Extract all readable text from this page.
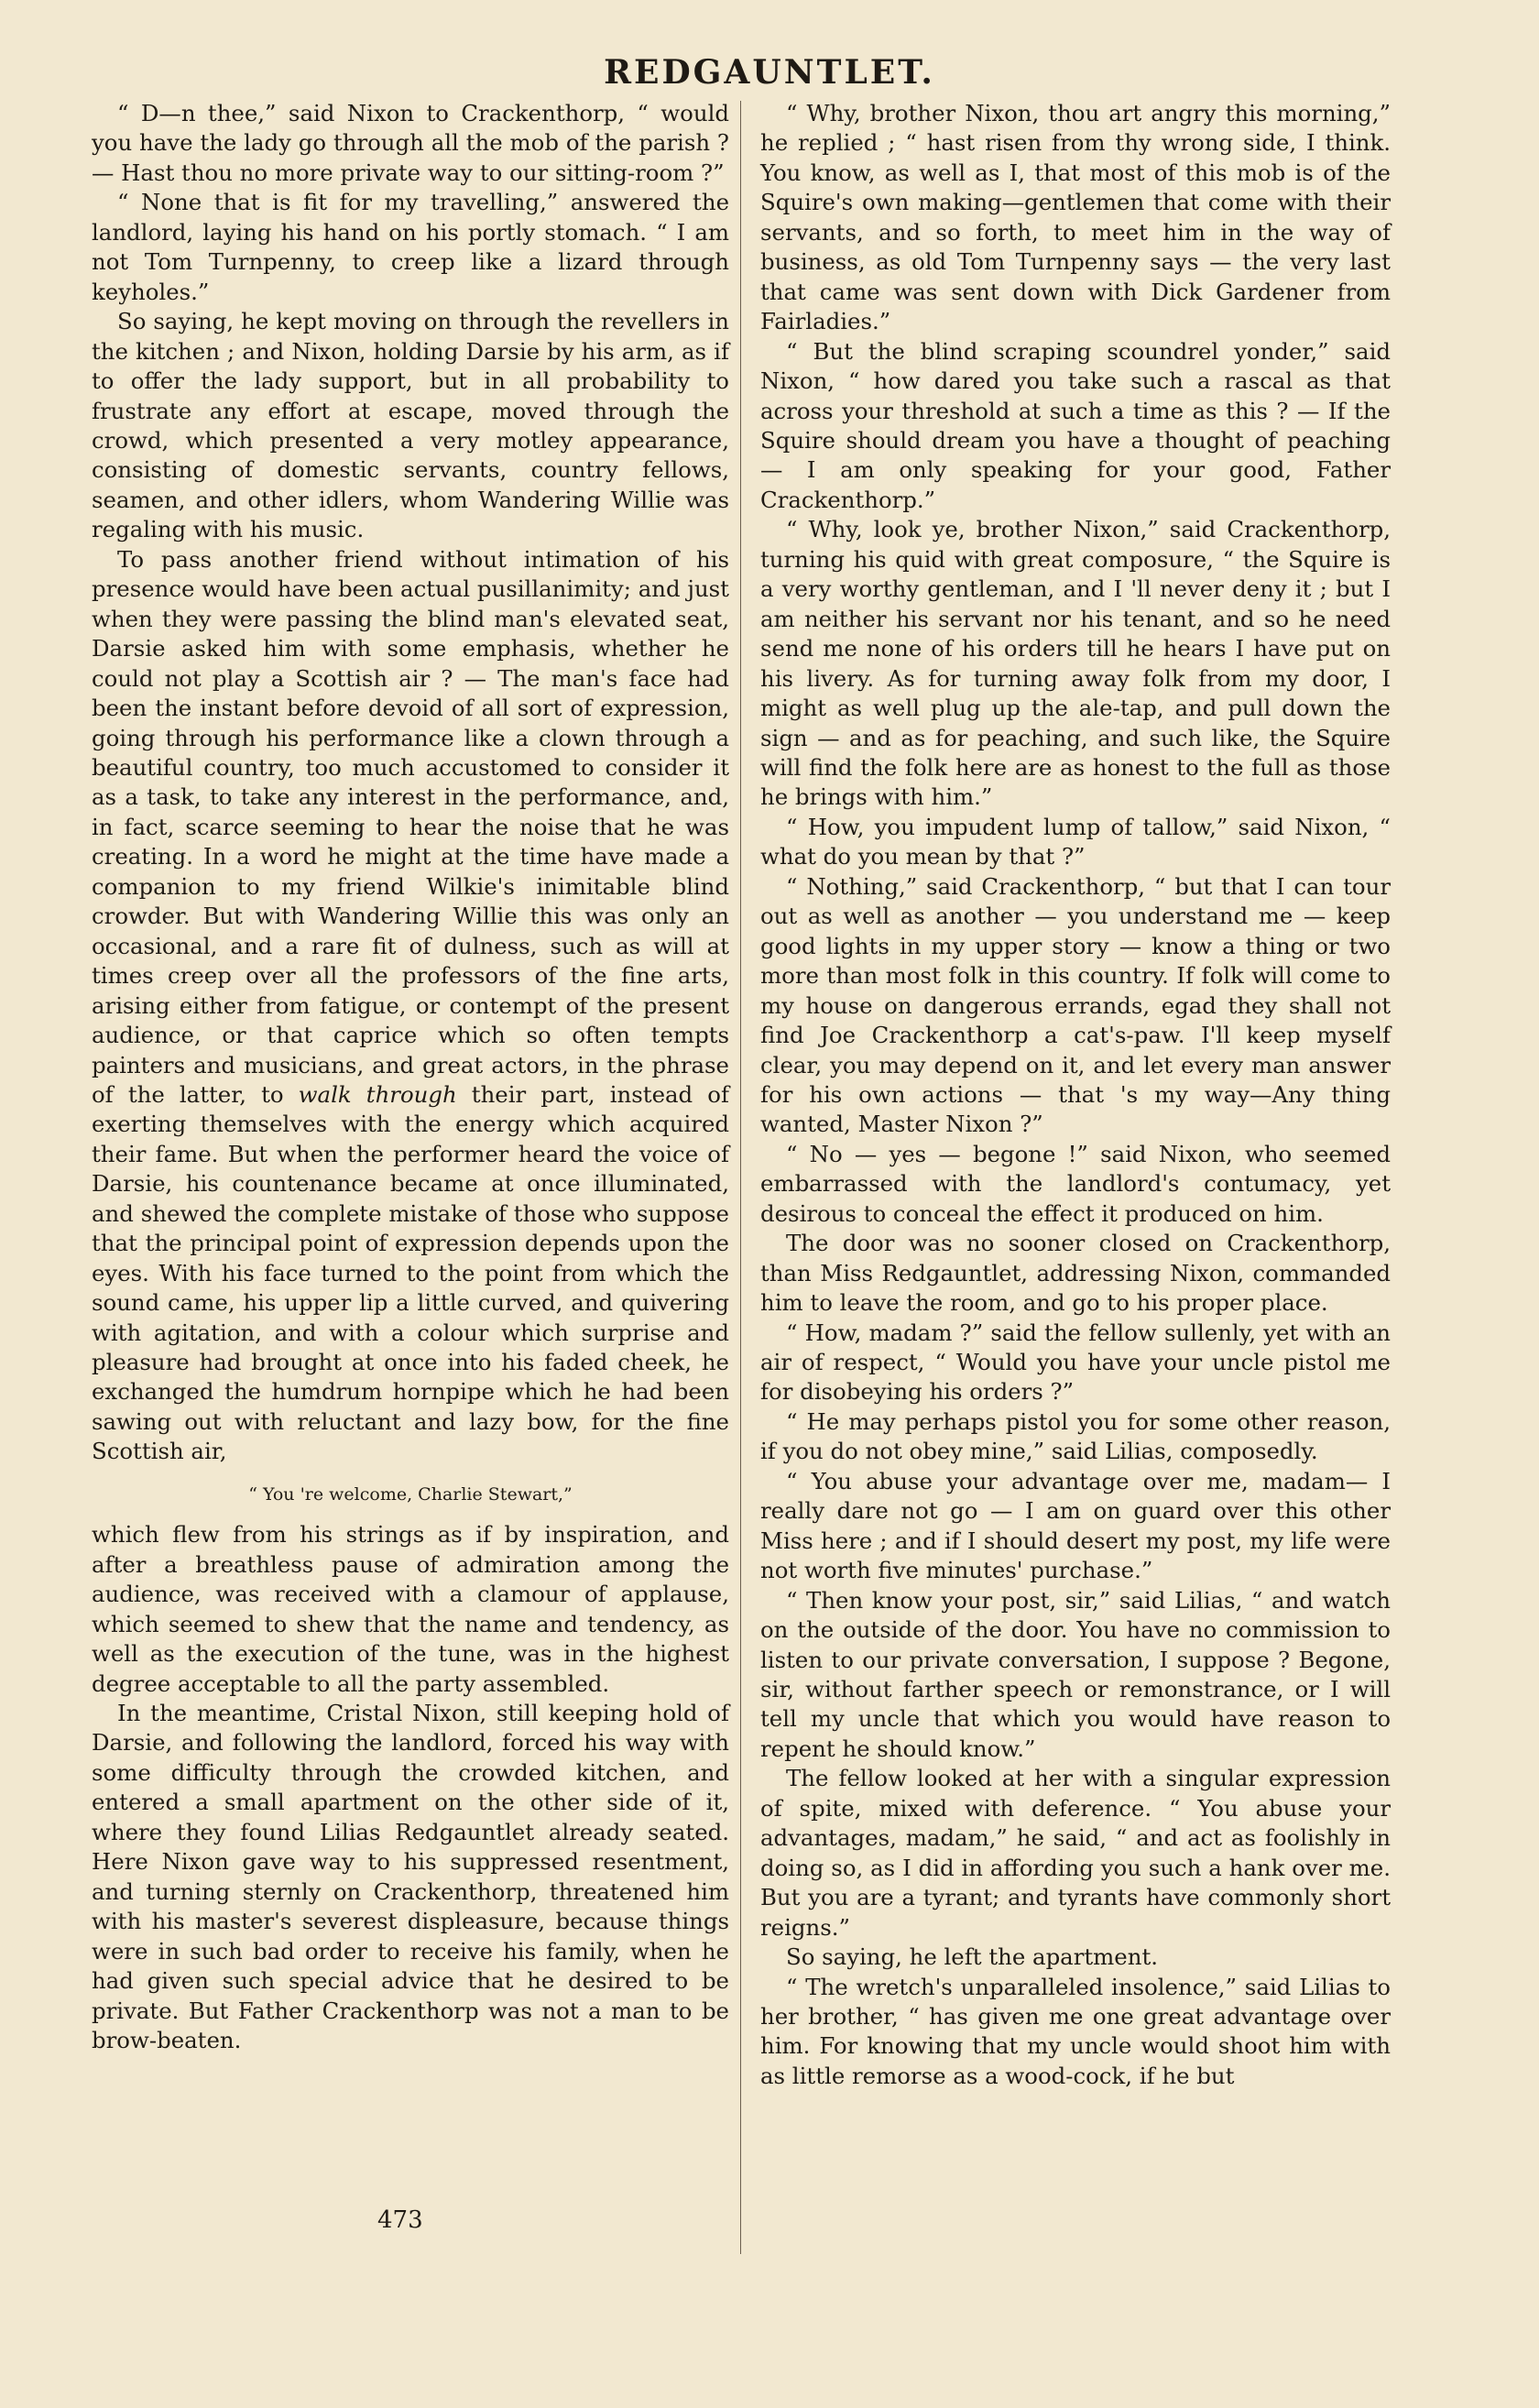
REDGAUNTLET.

“ D—n thee,” said Nixon to Crackenthorp, “ would you have the lady go through all the mob of the parish ? — Hast thou no more private way to our sitting-room ?”

“ None that is fit for my travelling,” answered the landlord, laying his hand on his portly stomach. “ I am not Tom Turnpenny, to creep like a lizard through keyholes.”

So saying, he kept moving on through the revellers in the kitchen ; and Nixon, holding Darsie by his arm, as if to offer the lady support, but in all probability to frustrate any effort at escape, moved through the crowd, which presented a very motley appearance, consisting of domestic servants, country fellows, seamen, and other idlers, whom Wandering Willie was regaling with his music.

To pass another friend without intimation of his presence would have been actual pusillanimity; and just when they were passing the blind man's elevated seat, Darsie asked him with some emphasis, whether he could not play a Scottish air ? — The man's face had been the instant before devoid of all sort of expression, going through his performance like a clown through a beautiful country, too much accustomed to consider it as a task, to take any interest in the performance, and, in fact, scarce seeming to hear the noise that he was creating. In a word he might at the time have made a companion to my friend Wilkie's inimitable blind crowder. But with Wandering Willie this was only an occasional, and a rare fit of dulness, such as will at times creep over all the professors of the fine arts, arising either from fatigue, or contempt of the present audience, or that caprice which so often tempts painters and musicians, and great actors, in the phrase of the latter, to walk through their part, instead of exerting themselves with the energy which acquired their fame. But when the performer heard the voice of Darsie, his countenance became at once illuminated, and shewed the complete mistake of those who suppose that the principal point of expression depends upon the eyes. With his face turned to the point from which the sound came, his upper lip a little curved, and quivering with agitation, and with a colour which surprise and pleasure had brought at once into his faded cheek, he exchanged the humdrum hornpipe which he had been sawing out with reluctant and lazy bow, for the fine Scottish air,

“ You 're welcome, Charlie Stewart,”

which flew from his strings as if by inspiration, and after a breathless pause of admiration among the audience, was received with a clamour of applause, which seemed to shew that the name and tendency, as well as the execution of the tune, was in the highest degree acceptable to all the party assembled.

In the meantime, Cristal Nixon, still keeping hold of Darsie, and following the landlord, forced his way with some difficulty through the crowded kitchen, and entered a small apartment on the other side of it, where they found Lilias Redgauntlet already seated. Here Nixon gave way to his suppressed resentment, and turning sternly on Crackenthorp, threatened him with his master's severest displeasure, because things were in such bad order to receive his family, when he had given such special advice that he desired to be private. But Father Crackenthorp was not a man to be brow-beaten.

“ Why, brother Nixon, thou art angry this morning,” he replied ; “ hast risen from thy wrong side, I think. You know, as well as I, that most of this mob is of the Squire's own making—gentlemen that come with their servants, and so forth, to meet him in the way of business, as old Tom Turnpenny says — the very last that came was sent down with Dick Gardener from Fairladies.”

“ But the blind scraping scoundrel yonder,” said Nixon, “ how dared you take such a rascal as that across your threshold at such a time as this ? — If the Squire should dream you have a thought of peaching — I am only speaking for your good, Father Crackenthorp.”

“ Why, look ye, brother Nixon,” said Crackenthorp, turning his quid with great composure, “ the Squire is a very worthy gentleman, and I 'll never deny it ; but I am neither his servant nor his tenant, and so he need send me none of his orders till he hears I have put on his livery. As for turning away folk from my door, I might as well plug up the ale-tap, and pull down the sign — and as for peaching, and such like, the Squire will find the folk here are as honest to the full as those he brings with him.”

“ How, you impudent lump of tallow,” said Nixon, “ what do you mean by that ?”

“ Nothing,” said Crackenthorp, “ but that I can tour out as well as another — you understand me — keep good lights in my upper story — know a thing or two more than most folk in this country. If folk will come to my house on dangerous errands, egad they shall not find Joe Crackenthorp a cat's-paw. I'll keep myself clear, you may depend on it, and let every man answer for his own actions — that 's my way—Any thing wanted, Master Nixon ?”

“ No — yes — begone !” said Nixon, who seemed embarrassed with the landlord's contumacy, yet desirous to conceal the effect it produced on him.

The door was no sooner closed on Crackenthorp, than Miss Redgauntlet, addressing Nixon, commanded him to leave the room, and go to his proper place.

“ How, madam ?” said the fellow sullenly, yet with an air of respect, “ Would you have your uncle pistol me for disobeying his orders ?”

“ He may perhaps pistol you for some other reason, if you do not obey mine,” said Lilias, composedly.

“ You abuse your advantage over me, madam— I really dare not go — I am on guard over this other Miss here ; and if I should desert my post, my life were not worth five minutes' purchase.”

“ Then know your post, sir,” said Lilias, “ and watch on the outside of the door. You have no commission to listen to our private conversation, I suppose ? Begone, sir, without farther speech or remonstrance, or I will tell my uncle that which you would have reason to repent he should know.”

The fellow looked at her with a singular expression of spite, mixed with deference. “ You abuse your advantages, madam,” he said, “ and act as foolishly in doing so, as I did in affording you such a hank over me. But you are a tyrant; and tyrants have commonly short reigns.”

So saying, he left the apartment.

“ The wretch's unparalleled insolence,” said Lilias to her brother, “ has given me one great advantage over him. For knowing that my uncle would shoot him with as little remorse as a wood-cock, if he but

473
